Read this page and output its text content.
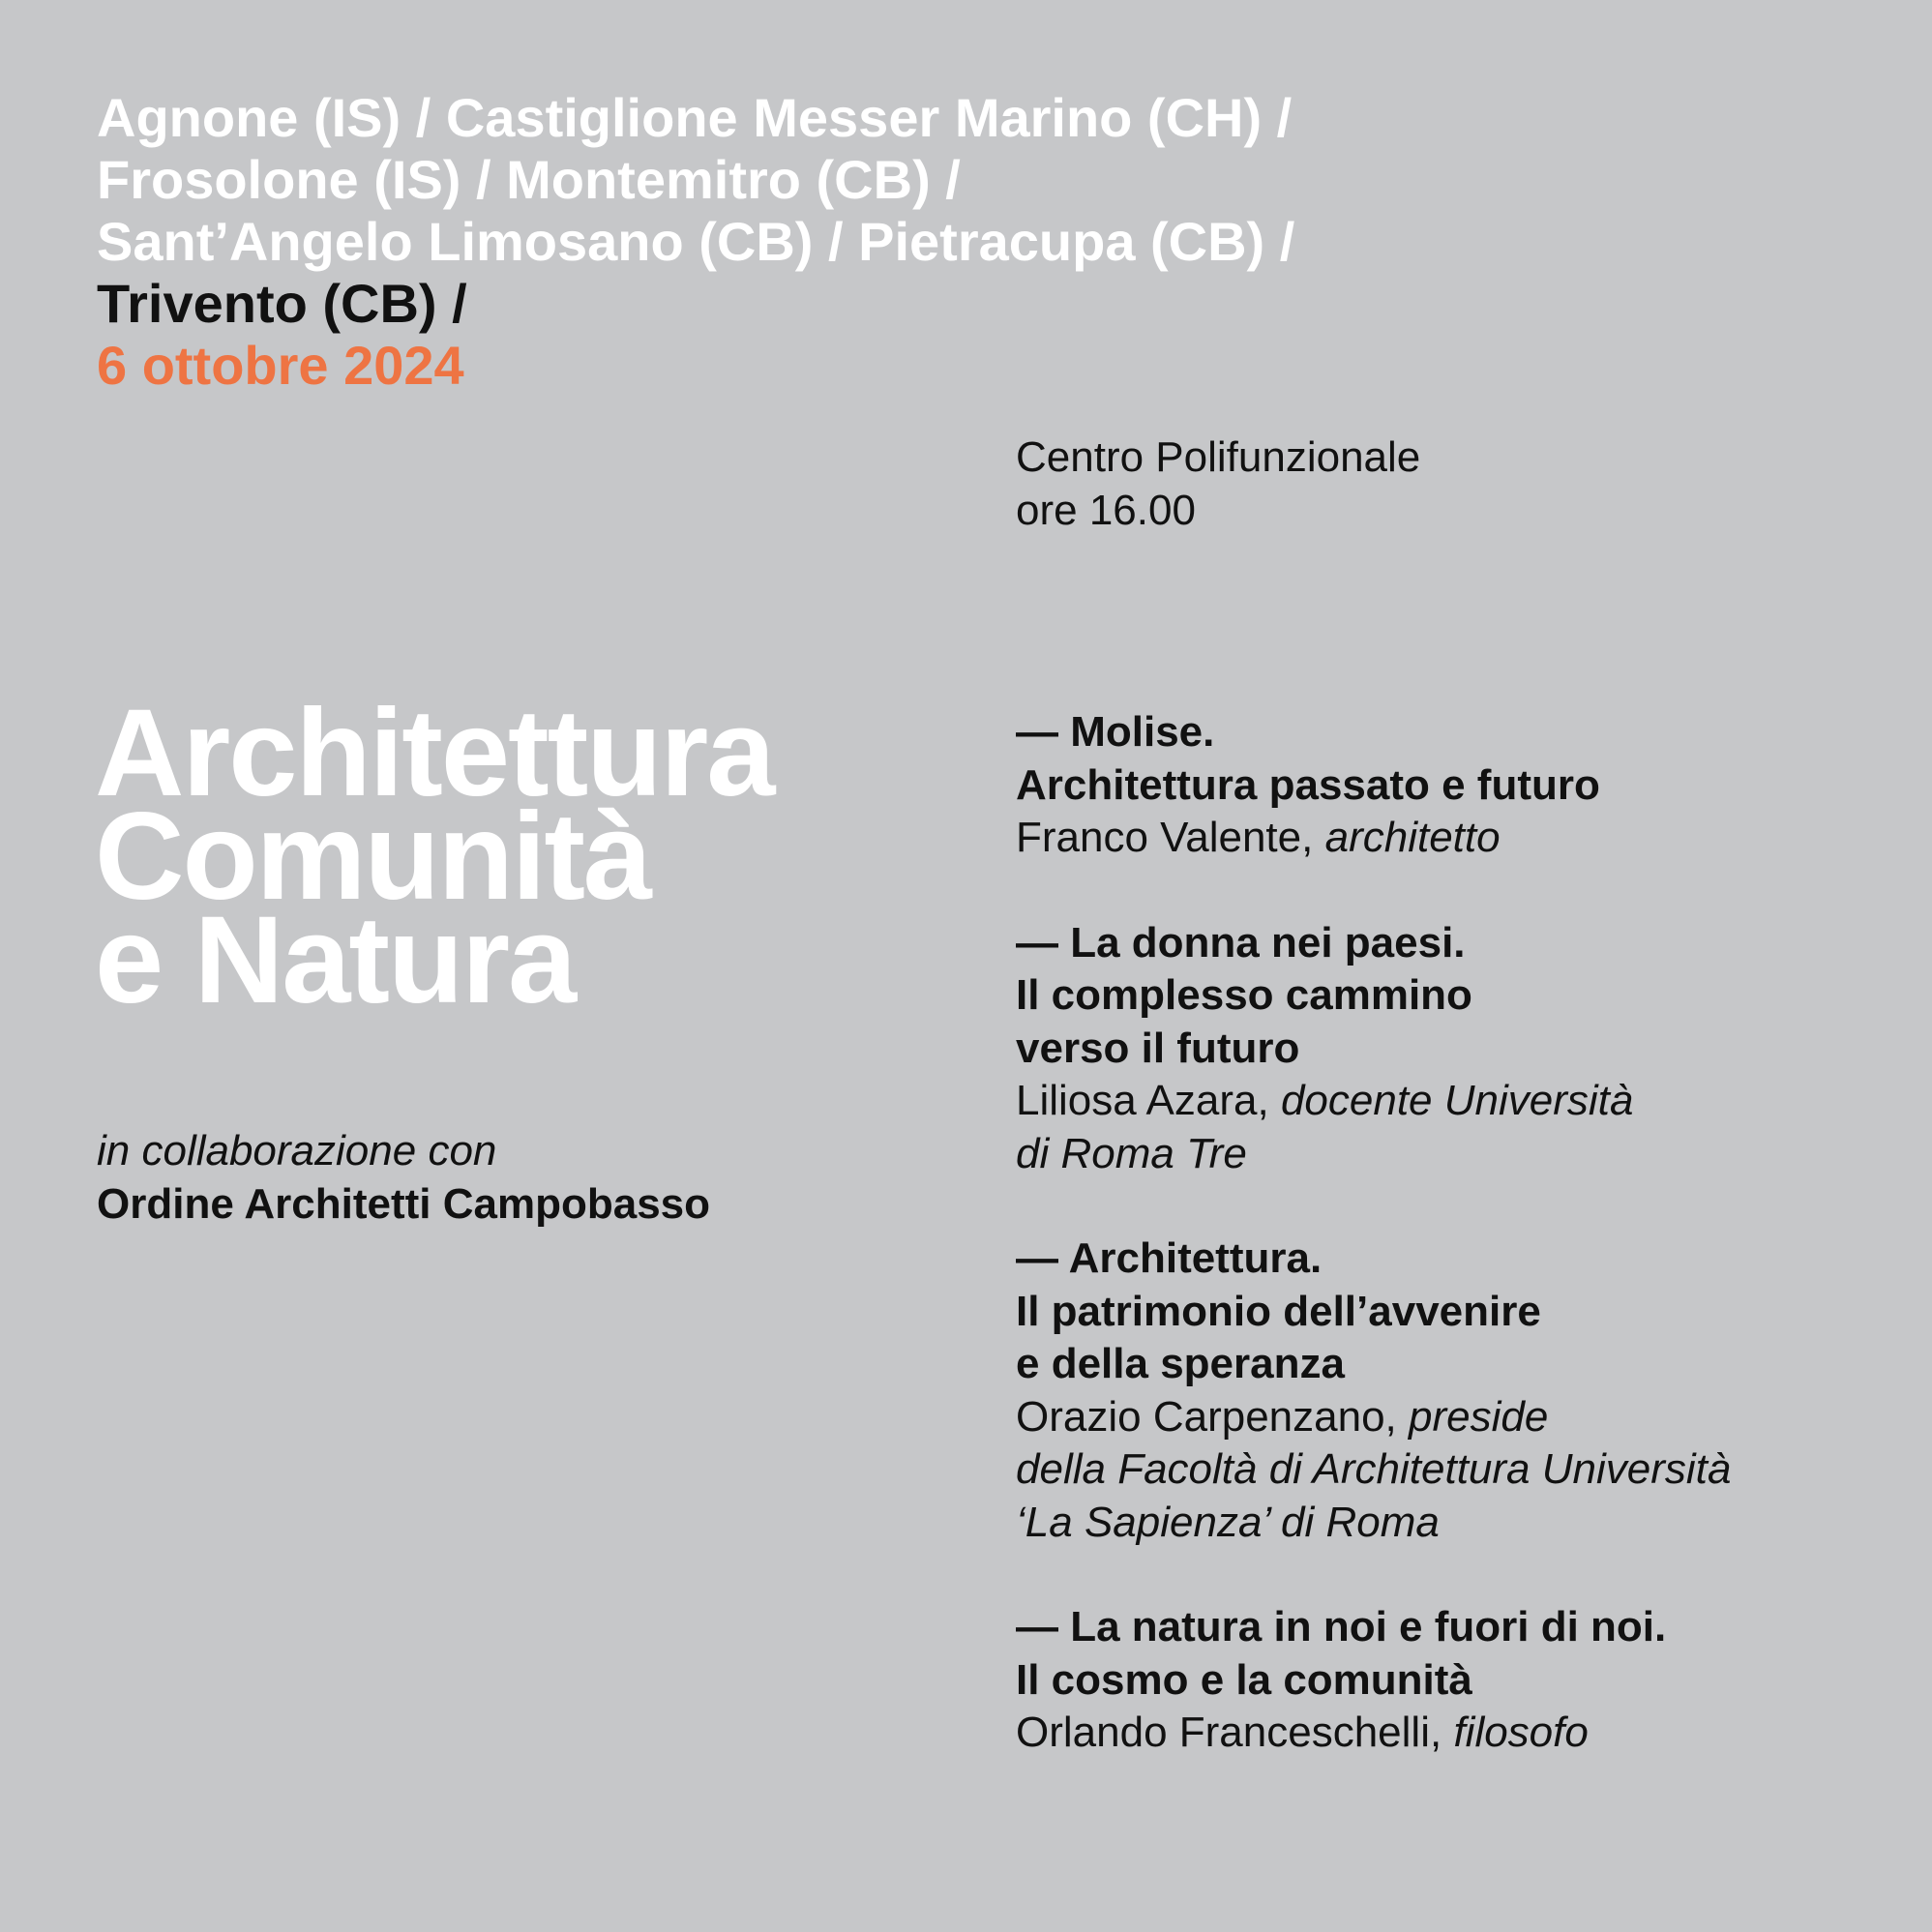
Agnone (IS) / Castiglione Messer Marino (CH) /
Frosolone (IS) / Montemitro (CB) /
Sant’Angelo Limosano (CB) / Pietracupa (CB) /
Trivento (CB) /
6 ottobre 2024
Centro Polifunzionale
ore 16.00
Architettura
Comunità
e Natura
in collaborazione con
Ordine Architetti Campobasso
— Molise.
Architettura passato e futuro
Franco Valente, architetto
— La donna nei paesi.
Il complesso cammino
verso il futuro
Liliosa Azara, docente Università
di Roma Tre
— Architettura.
Il patrimonio dell’avvenire
e della speranza
Orazio Carpenzano, preside
della Facoltà di Architettura Università
‘La Sapienza’ di Roma
— La natura in noi e fuori di noi.
Il cosmo e la comunità
Orlando Franceschelli, filosofo
